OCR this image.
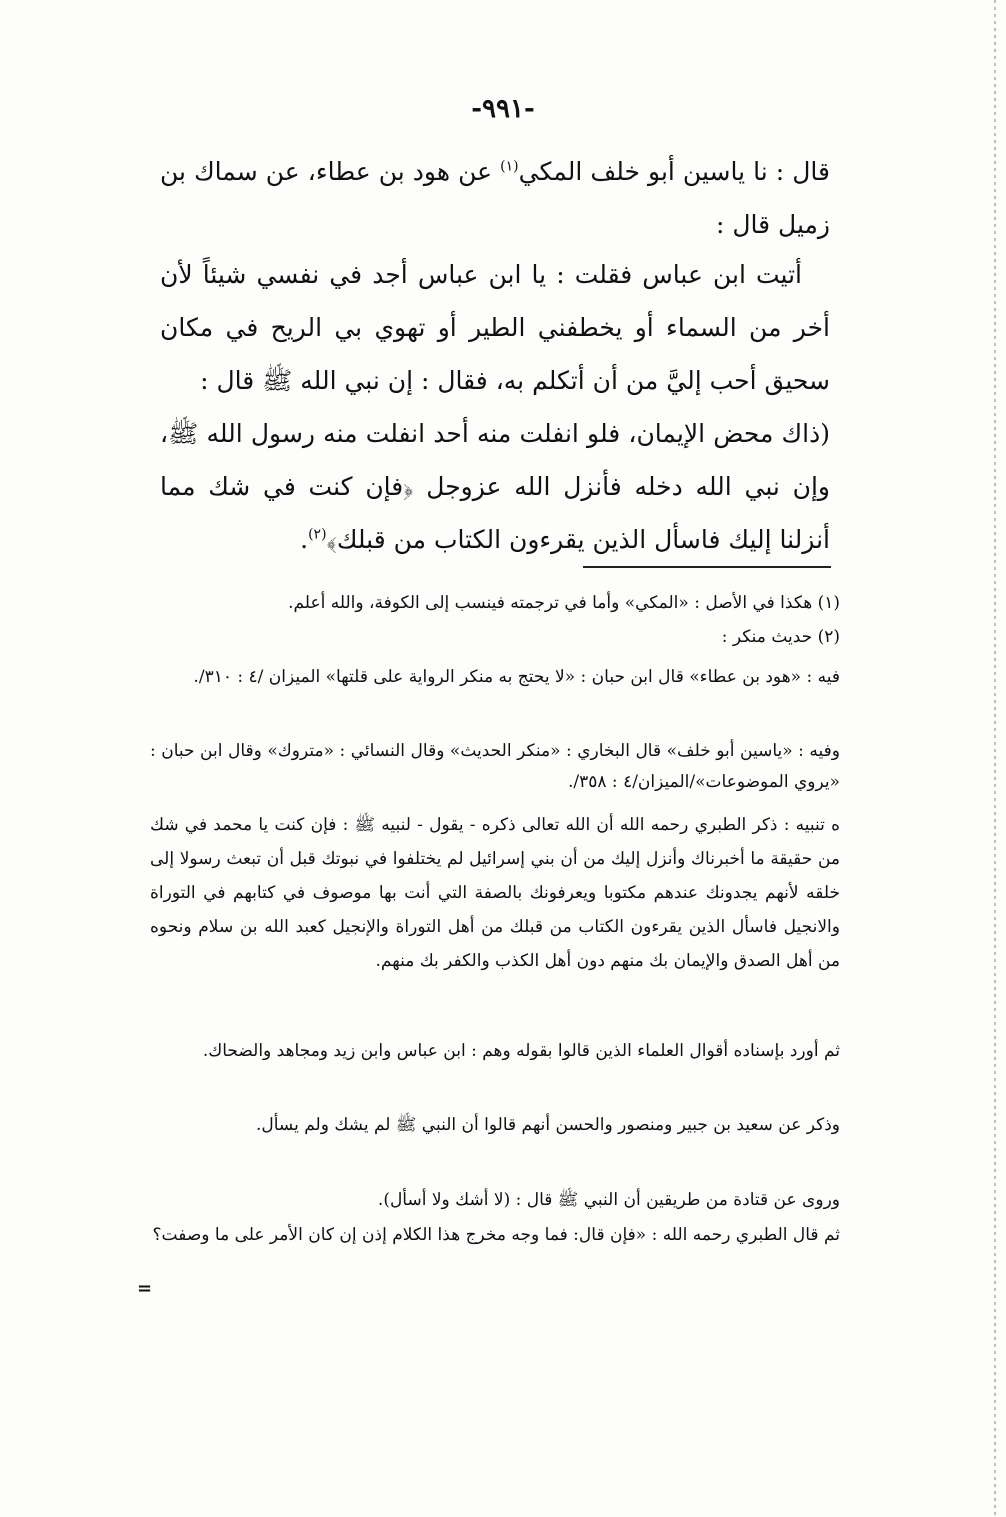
-٩٩١-

قال : نا ياسين أبو خلف المكي$^{(١)}$ عن هود بن عطاء، عن سماك بن زميل قال :

أتيت ابن عباس فقلت : يا ابن عباس أجد في نفسي شيئاً لأن أخر من السماء أو يخطفني الطير أو تهوي بي الريح في مكان سحيق أحب إليَّ من أن أتكلم به، فقال : إن نبي الله ﷺ قال :

(ذاك محض الإيمان، فلو انفلت منه أحد انفلت منه رسول الله ﷺ، وإن نبي الله دخله فأنزل الله عزوجل ﴿فإن كنت في شك مما أنزلنا إليك فاسأل الذين يقرءون الكتاب من قبلك﴾$^{(٢)}$.

(١) هكذا في الأصل : «المكي» وأما في ترجمته فينسب إلى الكوفة، والله أعلم.

(٢) حديث منكر :

فيه : «هود بن عطاء» قال ابن حبان : «لا يحتج به منكر الرواية على قلتها» الميزان /٤ : ٣١٠/.

وفيه : «ياسين أبو خلف» قال البخاري : «منكر الحديث» وقال النسائي : «متروك» وقال ابن حبان : «يروي الموضوعات»/الميزان/٤ : ٣٥٨/.

ه تنبيه : ذكر الطبري رحمه الله أن الله تعالى ذكره - يقول - لنبيه ﷺ : فإن كنت يا محمد في شك من حقيقة ما أخبرناك وأنزل إليك من أن بني إسرائيل لم يختلفوا في نبوتك قبل أن تبعث رسولا إلى خلقه لأنهم يجدونك عندهم مكتوبا ويعرفونك بالصفة التي أنت بها موصوف في كتابهم في التوراة والانجيل فاسأل الذين يقرءون الكتاب من قبلك من أهل التوراة والإنجيل كعبد الله بن سلام ونحوه من أهل الصدق والإيمان بك منهم دون أهل الكذب والكفر بك منهم.

ثم أورد بإسناده أقوال العلماء الذين قالوا بقوله وهم : ابن عباس وابن زيد ومجاهد والضحاك.

وذكر عن سعيد بن جبير ومنصور والحسن أنهم قالوا أن النبي ﷺ لم يشك ولم يسأل.

وروى عن قتادة من طريقين أن النبي ﷺ قال : (لا أشك ولا أسأل).

ثم قال الطبري رحمه الله : «فإن قال: فما وجه مخرج هذا الكلام إذن إن كان الأمر على ما وصفت؟

=
